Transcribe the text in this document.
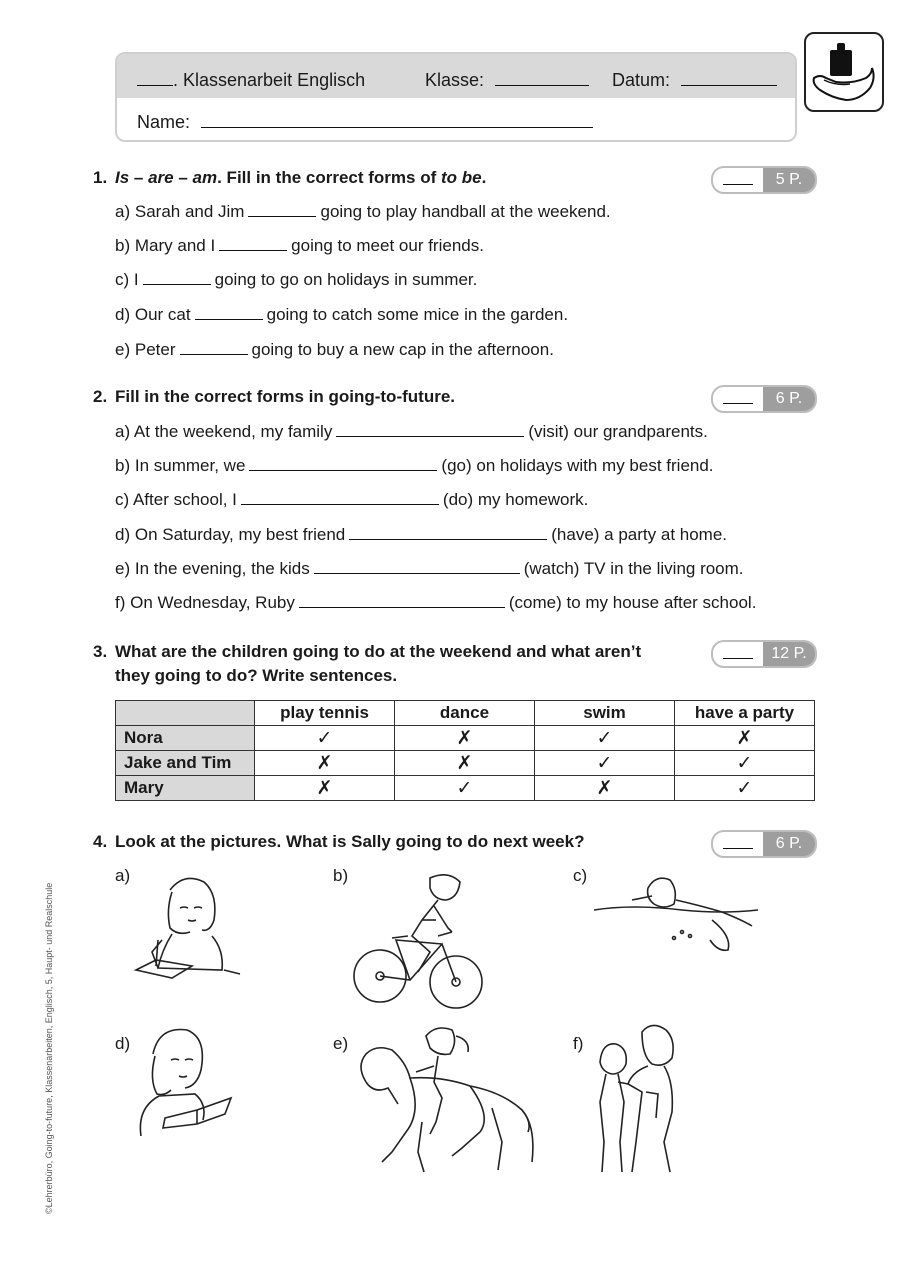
. Klassenarbeit Englisch	Klasse:	Datum:
Name:
1. Is – are – am. Fill in the correct forms of to be.	5 P.
a) Sarah and Jim	going to play handball at the weekend.
b) Mary and I	going to meet our friends.
c) I	going to go on holidays in summer.
d) Our cat	going to catch some mice in the garden.
e) Peter	going to buy a new cap in the afternoon.
2. Fill in the correct forms in going-to-future.	6 P.
a) At the weekend, my family	(visit) our grandparents.
b) In summer, we	(go) on holidays with my best friend.
c) After school, I	(do) my homework.
d) On Saturday, my best friend	(have) a party at home.
e) In the evening, the kids	(watch) TV in the living room.
f) On Wednesday, Ruby	(come) to my house after school.
3. What are the children going to do at the weekend and what aren’t
they going to do? Write sentences.
12 P.
	play tennis	dance	swim	have a party
Nora	✓	✗	✓	✗
Jake and Tim	✗	✗	✓	✓
Mary	✗	✓	✗	✓
4. Look at the pictures. What is Sally going to do next week?	6 P.
a)	b)	c)
d)	e)	f)
©Lehrerbüro, Going-to-future, Klassenarbeiten, Englisch, 5, Haupt- und Realschule
